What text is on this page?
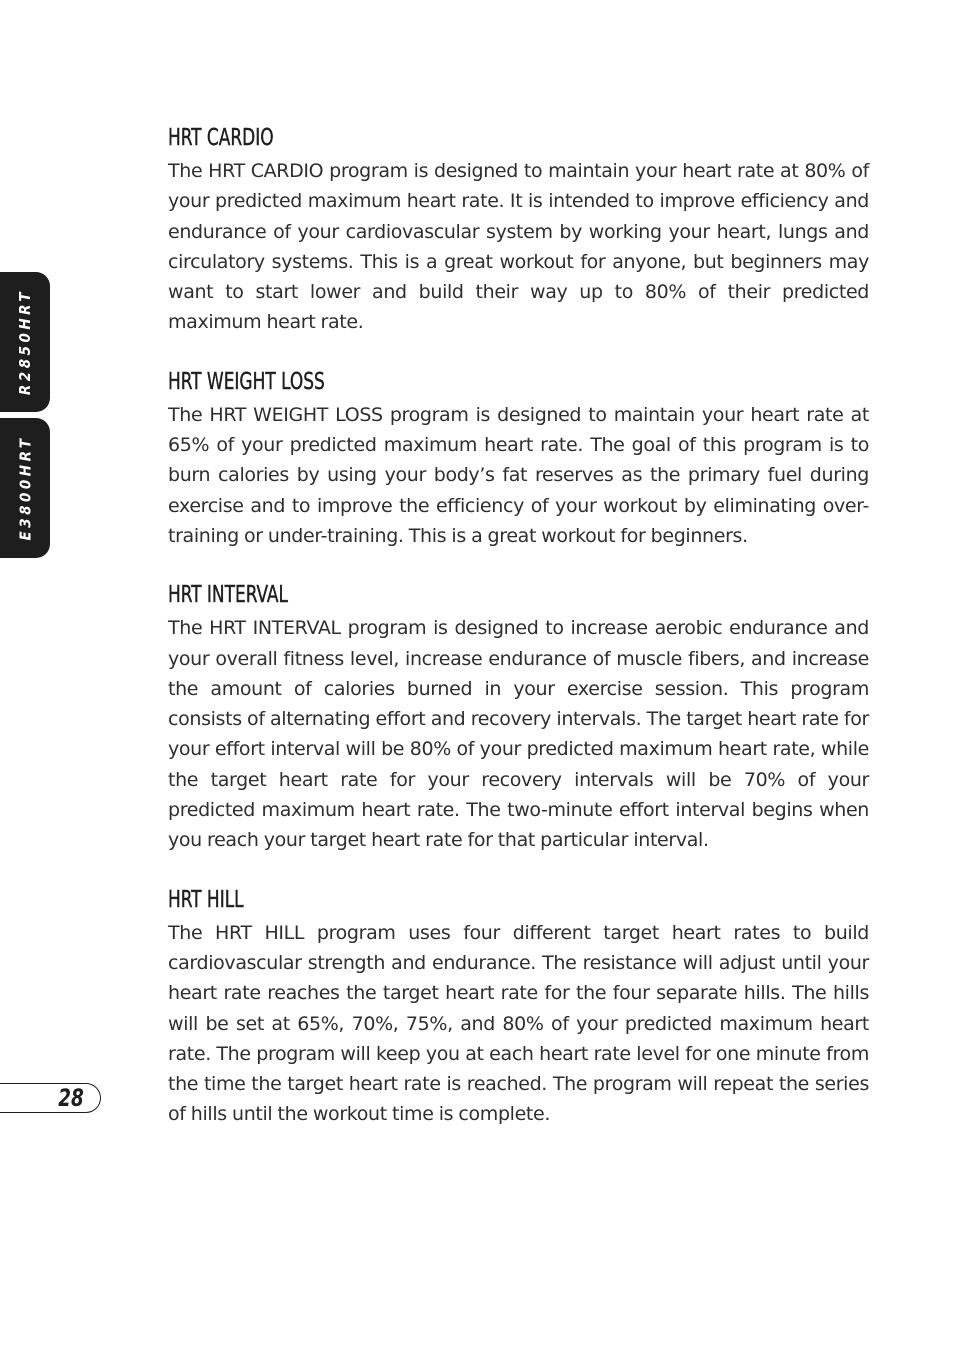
R2850HRT
E3800HRT
28
HRT CARDIO

The HRT CARDIO program is designed to maintain your heart rate at 80% of your predicted maximum heart rate. It is intended to improve efficiency and endurance of your cardiovascular system by working your heart, lungs and circulatory systems. This is a great workout for anyone, but beginners may want to start lower and build their way up to 80% of their predicted maximum heart rate.

HRT WEIGHT LOSS

The HRT WEIGHT LOSS program is designed to maintain your heart rate at 65% of your predicted maximum heart rate. The goal of this program is to burn calories by using your body’s fat reserves as the primary fuel during exercise and to improve the efficiency of your workout by eliminating over-training or under-training. This is a great workout for beginners.

HRT INTERVAL

The HRT INTERVAL program is designed to increase aerobic endurance and your overall fitness level, increase endurance of muscle fibers, and increase the amount of calories burned in your exercise session. This program consists of alternating effort and recovery intervals. The target heart rate for your effort interval will be 80% of your predicted maximum heart rate, while the target heart rate for your recovery intervals will be 70% of your predicted maximum heart rate. The two-minute effort interval begins when you reach your target heart rate for that particular interval.

HRT HILL

The HRT HILL program uses four different target heart rates to build cardiovascular strength and endurance. The resistance will adjust until your heart rate reaches the target heart rate for the four separate hills. The hills will be set at 65%, 70%, 75%, and 80% of your predicted maximum heart rate. The program will keep you at each heart rate level for one minute from the time the target heart rate is reached. The program will repeat the series of hills until the workout time is complete.
